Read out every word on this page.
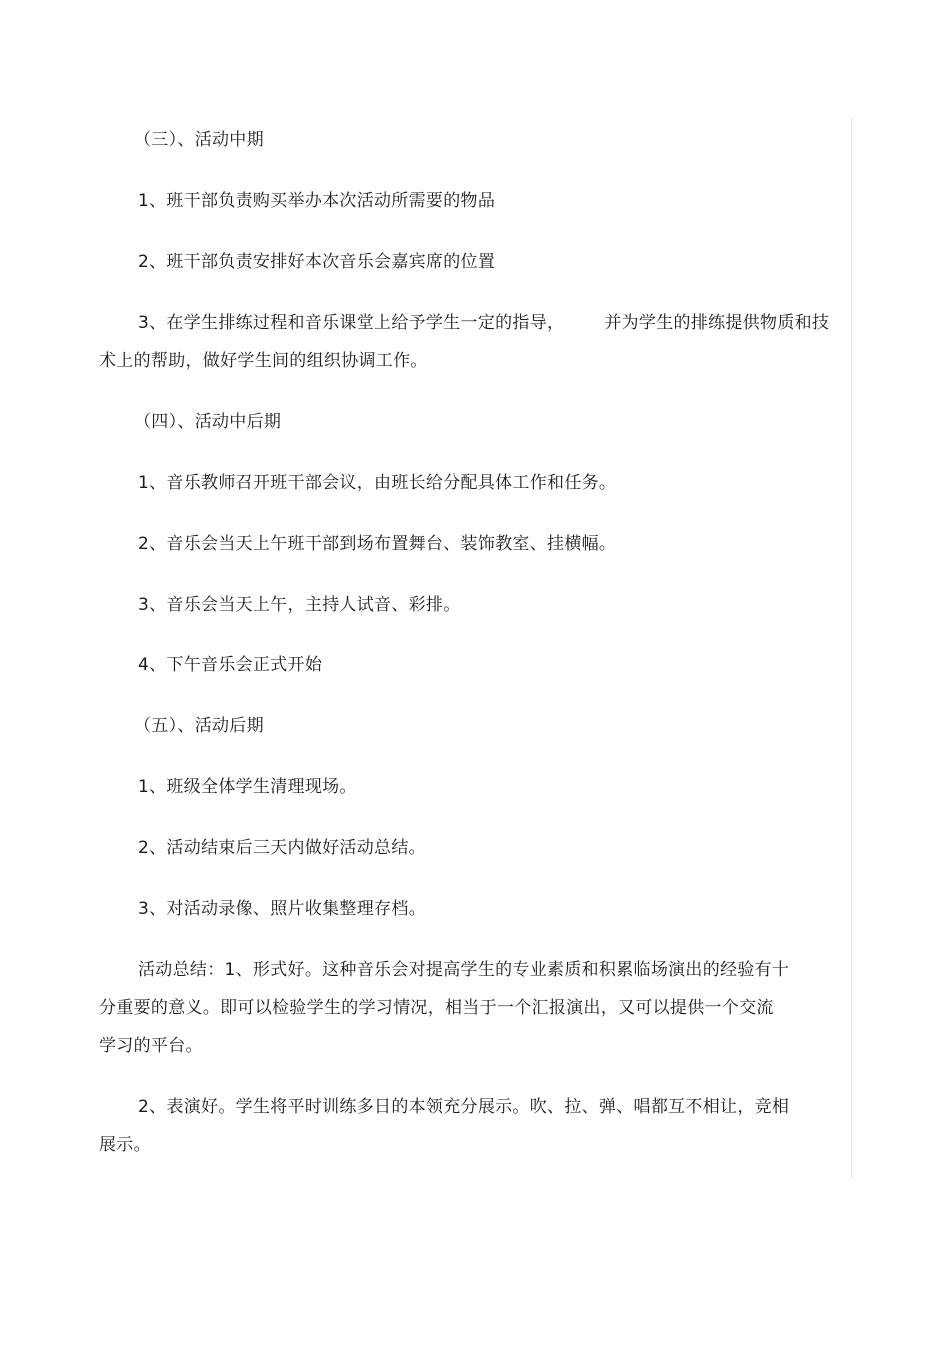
（三）、活动中期
1、班干部负责购买举办本次活动所需要的物品
2、班干部负责安排好本次音乐会嘉宾席的位置
3、在学生排练过程和音乐课堂上给予学生一定的指导， 并为学生的排练提供物质和技
术上的帮助，做好学生间的组织协调工作。
（四）、活动中后期
1、音乐教师召开班干部会议，由班长给分配具体工作和任务。
2、音乐会当天上午班干部到场布置舞台、装饰教室、挂横幅。
3、音乐会当天上午，主持人试音、彩排。
4、下午音乐会正式开始
（五）、活动后期
1、班级全体学生清理现场。
2、活动结束后三天内做好活动总结。
3、对活动录像、照片收集整理存档。
活动总结：1、形式好。这种音乐会对提高学生的专业素质和积累临场演出的经验有十
分重要的意义。即可以检验学生的学习情况，相当于一个汇报演出，又可以提供一个交流
学习的平台。
2、表演好。学生将平时训练多日的本领充分展示。吹、拉、弹、唱都互不相让，竞相
展示。
